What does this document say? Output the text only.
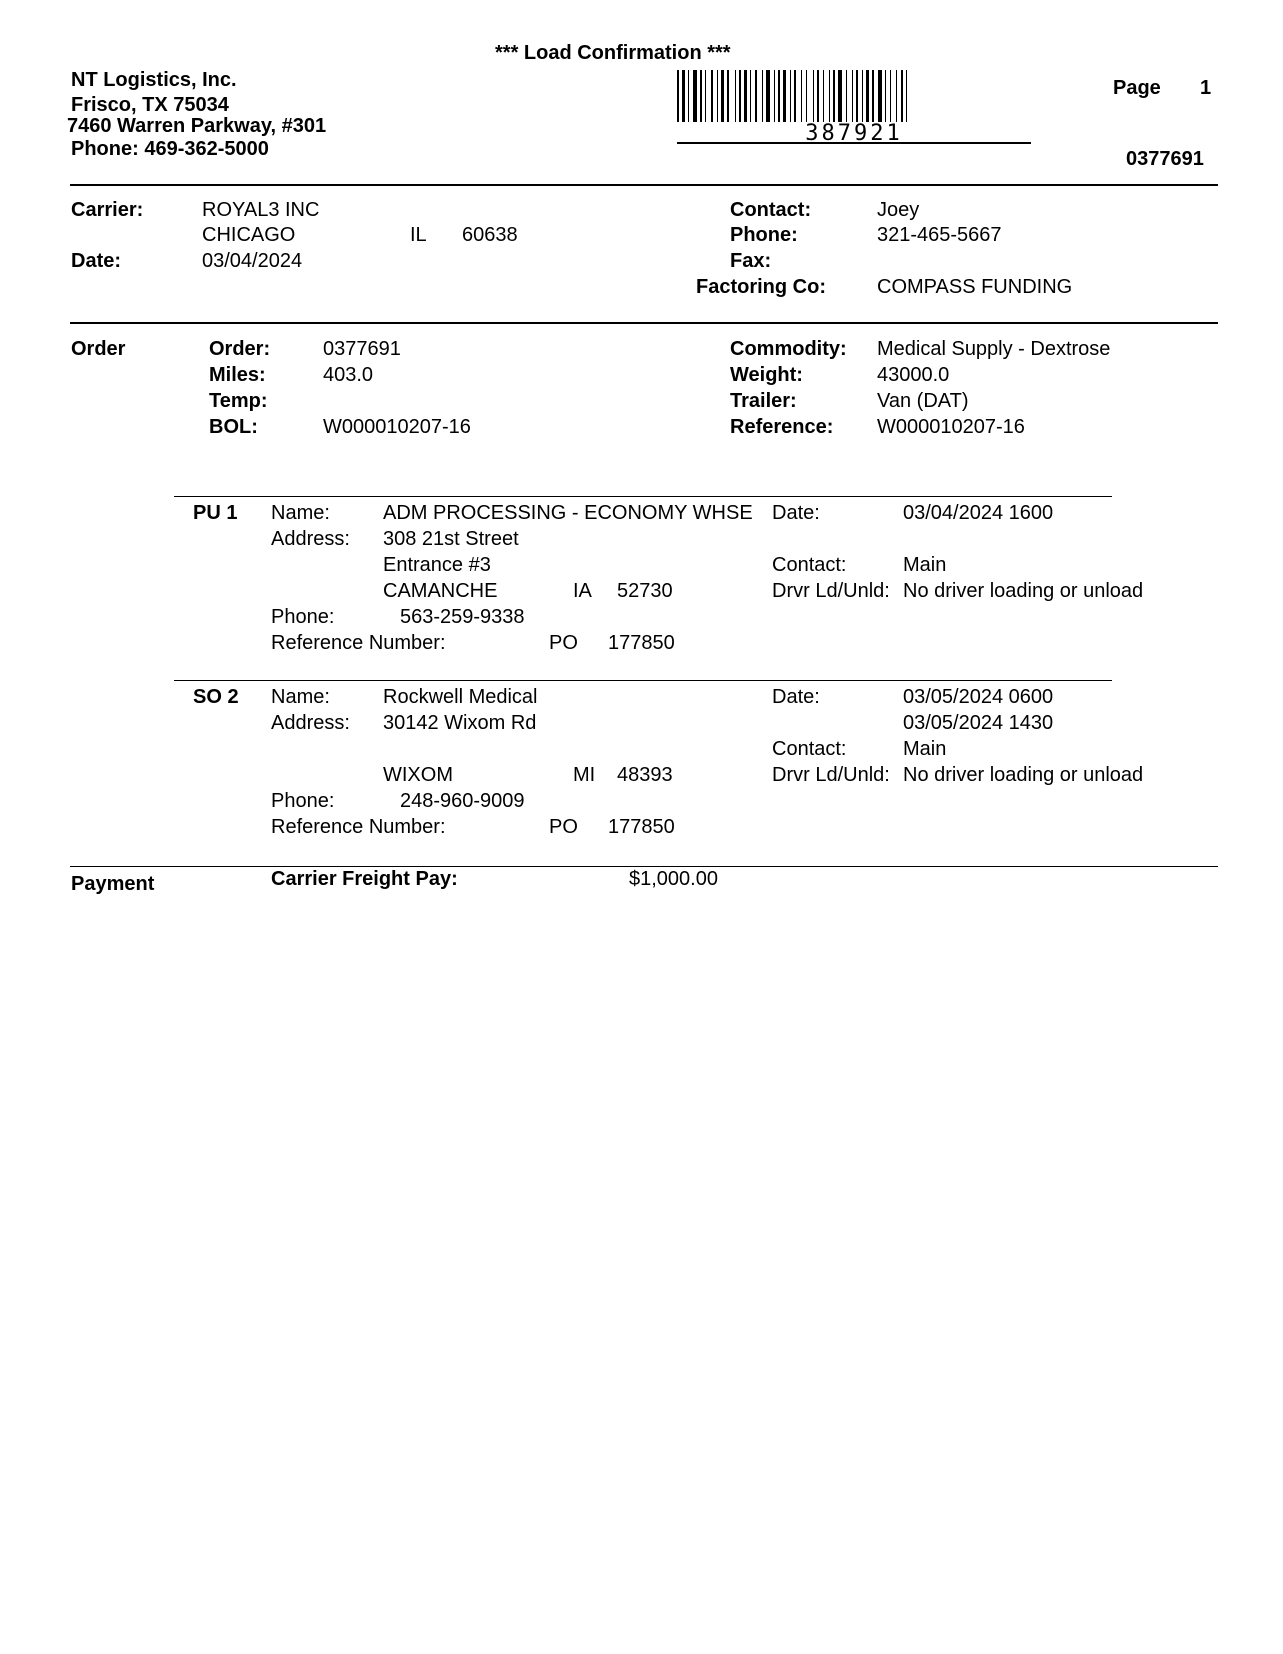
*** Load Confirmation ***
NT Logistics, Inc.
Frisco, TX 75034
7460 Warren Parkway, #301
Phone: 469-362-5000
387921
Page 1
0377691
Carrier:	ROYAL3 INC
CHICAGO	IL 60638
Date:	03/04/2024
Contact:	Joey
Phone:	321-465-5667
Fax:
Factoring Co:	COMPASS FUNDING
Order	Order:	0377691
Miles:	403.0
Temp:
BOL:	W000010207-16
Commodity: Medical Supply - Dextrose
Weight:	43000.0
Trailer:	Van (DAT)
Reference: W000010207-16
PU 1 Name:	ADM PROCESSING - ECONOMY WHSE
Address: 308 21st Street
Entrance #3
CAMANCHE	IA 52730
Phone:	563-259-9338
Reference Number:	PO 177850
Date:	03/04/2024 1600
Contact:	Main
Drvr Ld/Unld: No driver loading or unload
SO 2 Name:	Rockwell Medical
Address: 30142 Wixom Rd
WIXOM	MI 48393
Phone:	248-960-9009
Reference Number:	PO 177850
Date:	03/05/2024 0600
03/05/2024 1430
Contact:	Main
Drvr Ld/Unld: No driver loading or unload
Payment	Carrier Freight Pay:	$1,000.00
